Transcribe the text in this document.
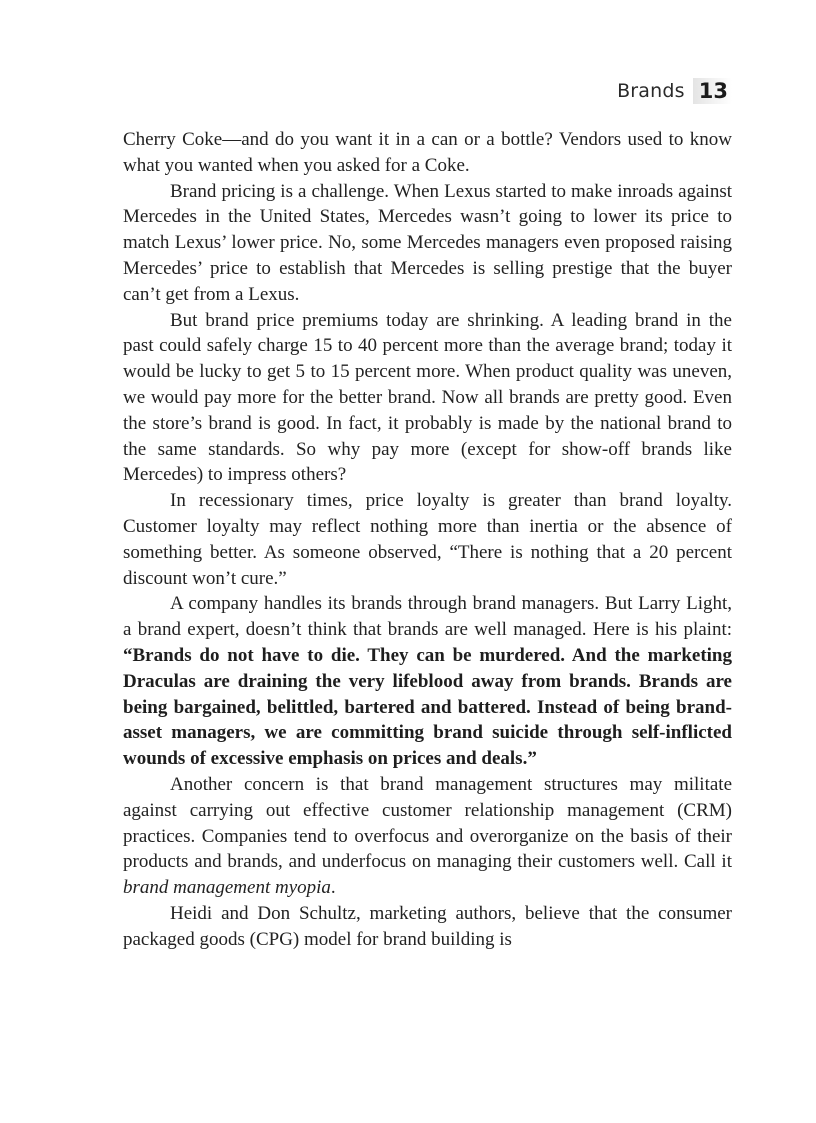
Brands 13

Cherry Coke—and do you want it in a can or a bottle? Vendors used to know what you wanted when you asked for a Coke.

Brand pricing is a challenge. When Lexus started to make inroads against Mercedes in the United States, Mercedes wasn’t going to lower its price to match Lexus’ lower price. No, some Mercedes managers even proposed raising Mercedes’ price to establish that Mercedes is selling prestige that the buyer can’t get from a Lexus.

But brand price premiums today are shrinking. A leading brand in the past could safely charge 15 to 40 percent more than the average brand; today it would be lucky to get 5 to 15 percent more. When product quality was uneven, we would pay more for the better brand. Now all brands are pretty good. Even the store’s brand is good. In fact, it probably is made by the national brand to the same standards. So why pay more (except for show-off brands like Mercedes) to impress others?

In recessionary times, price loyalty is greater than brand loyalty. Customer loyalty may reflect nothing more than inertia or the absence of something better. As someone observed, “There is nothing that a 20 percent discount won’t cure.”

A company handles its brands through brand managers. But Larry Light, a brand expert, doesn’t think that brands are well managed. Here is his plaint: “Brands do not have to die. They can be murdered. And the marketing Draculas are draining the very lifeblood away from brands. Brands are being bargained, belittled, bartered and battered. Instead of being brand-asset managers, we are committing brand suicide through self-inflicted wounds of excessive emphasis on prices and deals.”

Another concern is that brand management structures may militate against carrying out effective customer relationship management (CRM) practices. Companies tend to overfocus and overorganize on the basis of their products and brands, and underfocus on managing their customers well. Call it brand management myopia.

Heidi and Don Schultz, marketing authors, believe that the consumer packaged goods (CPG) model for brand building is
